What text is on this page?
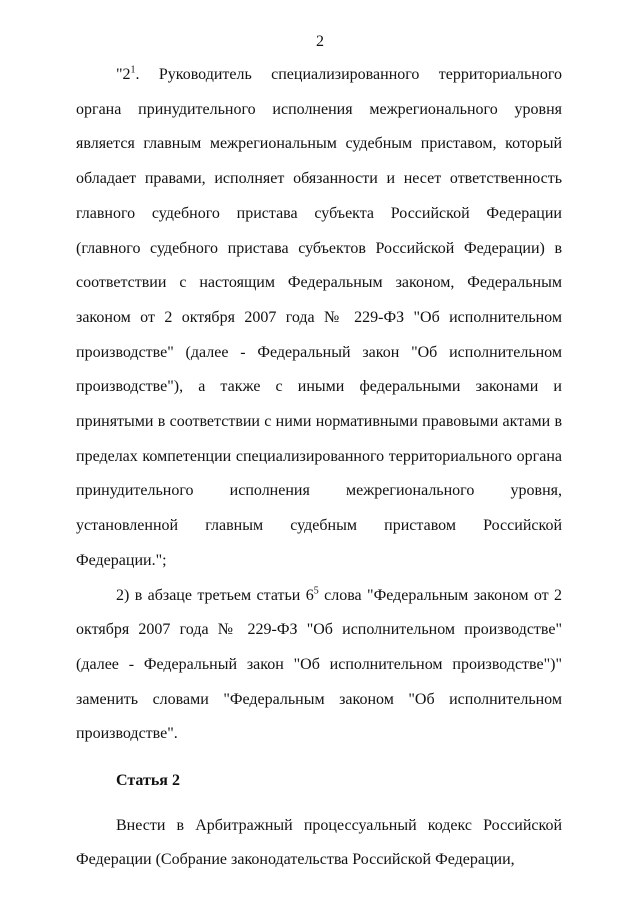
2

"$2^1$. Руководитель специализированного территориального органа принудительного исполнения межрегионального уровня является главным межрегиональным судебным приставом, который обладает правами, исполняет обязанности и несет ответственность главного судебного пристава субъекта Российской Федерации (главного судебного пристава субъектов Российской Федерации) в соответствии с настоящим Федеральным законом, Федеральным законом от 2 октября 2007 года № 229-ФЗ "Об исполнительном производстве" (далее - Федеральный закон "Об исполнительном производстве"), а также с иными федеральными законами и принятыми в соответствии с ними нормативными правовыми актами в пределах компетенции специализированного территориального органа принудительного исполнения межрегионального уровня, установленной главным судебным приставом Российской Федерации.";

2) в абзаце третьем статьи $6^5$ слова "Федеральным законом от 2 октября 2007 года № 229-ФЗ "Об исполнительном производстве" (далее - Федеральный закон "Об исполнительном производстве")" заменить словами "Федеральным законом "Об исполнительном производстве".

Статья 2

Внести в Арбитражный процессуальный кодекс Российской Федерации (Собрание законодательства Российской Федерации,
